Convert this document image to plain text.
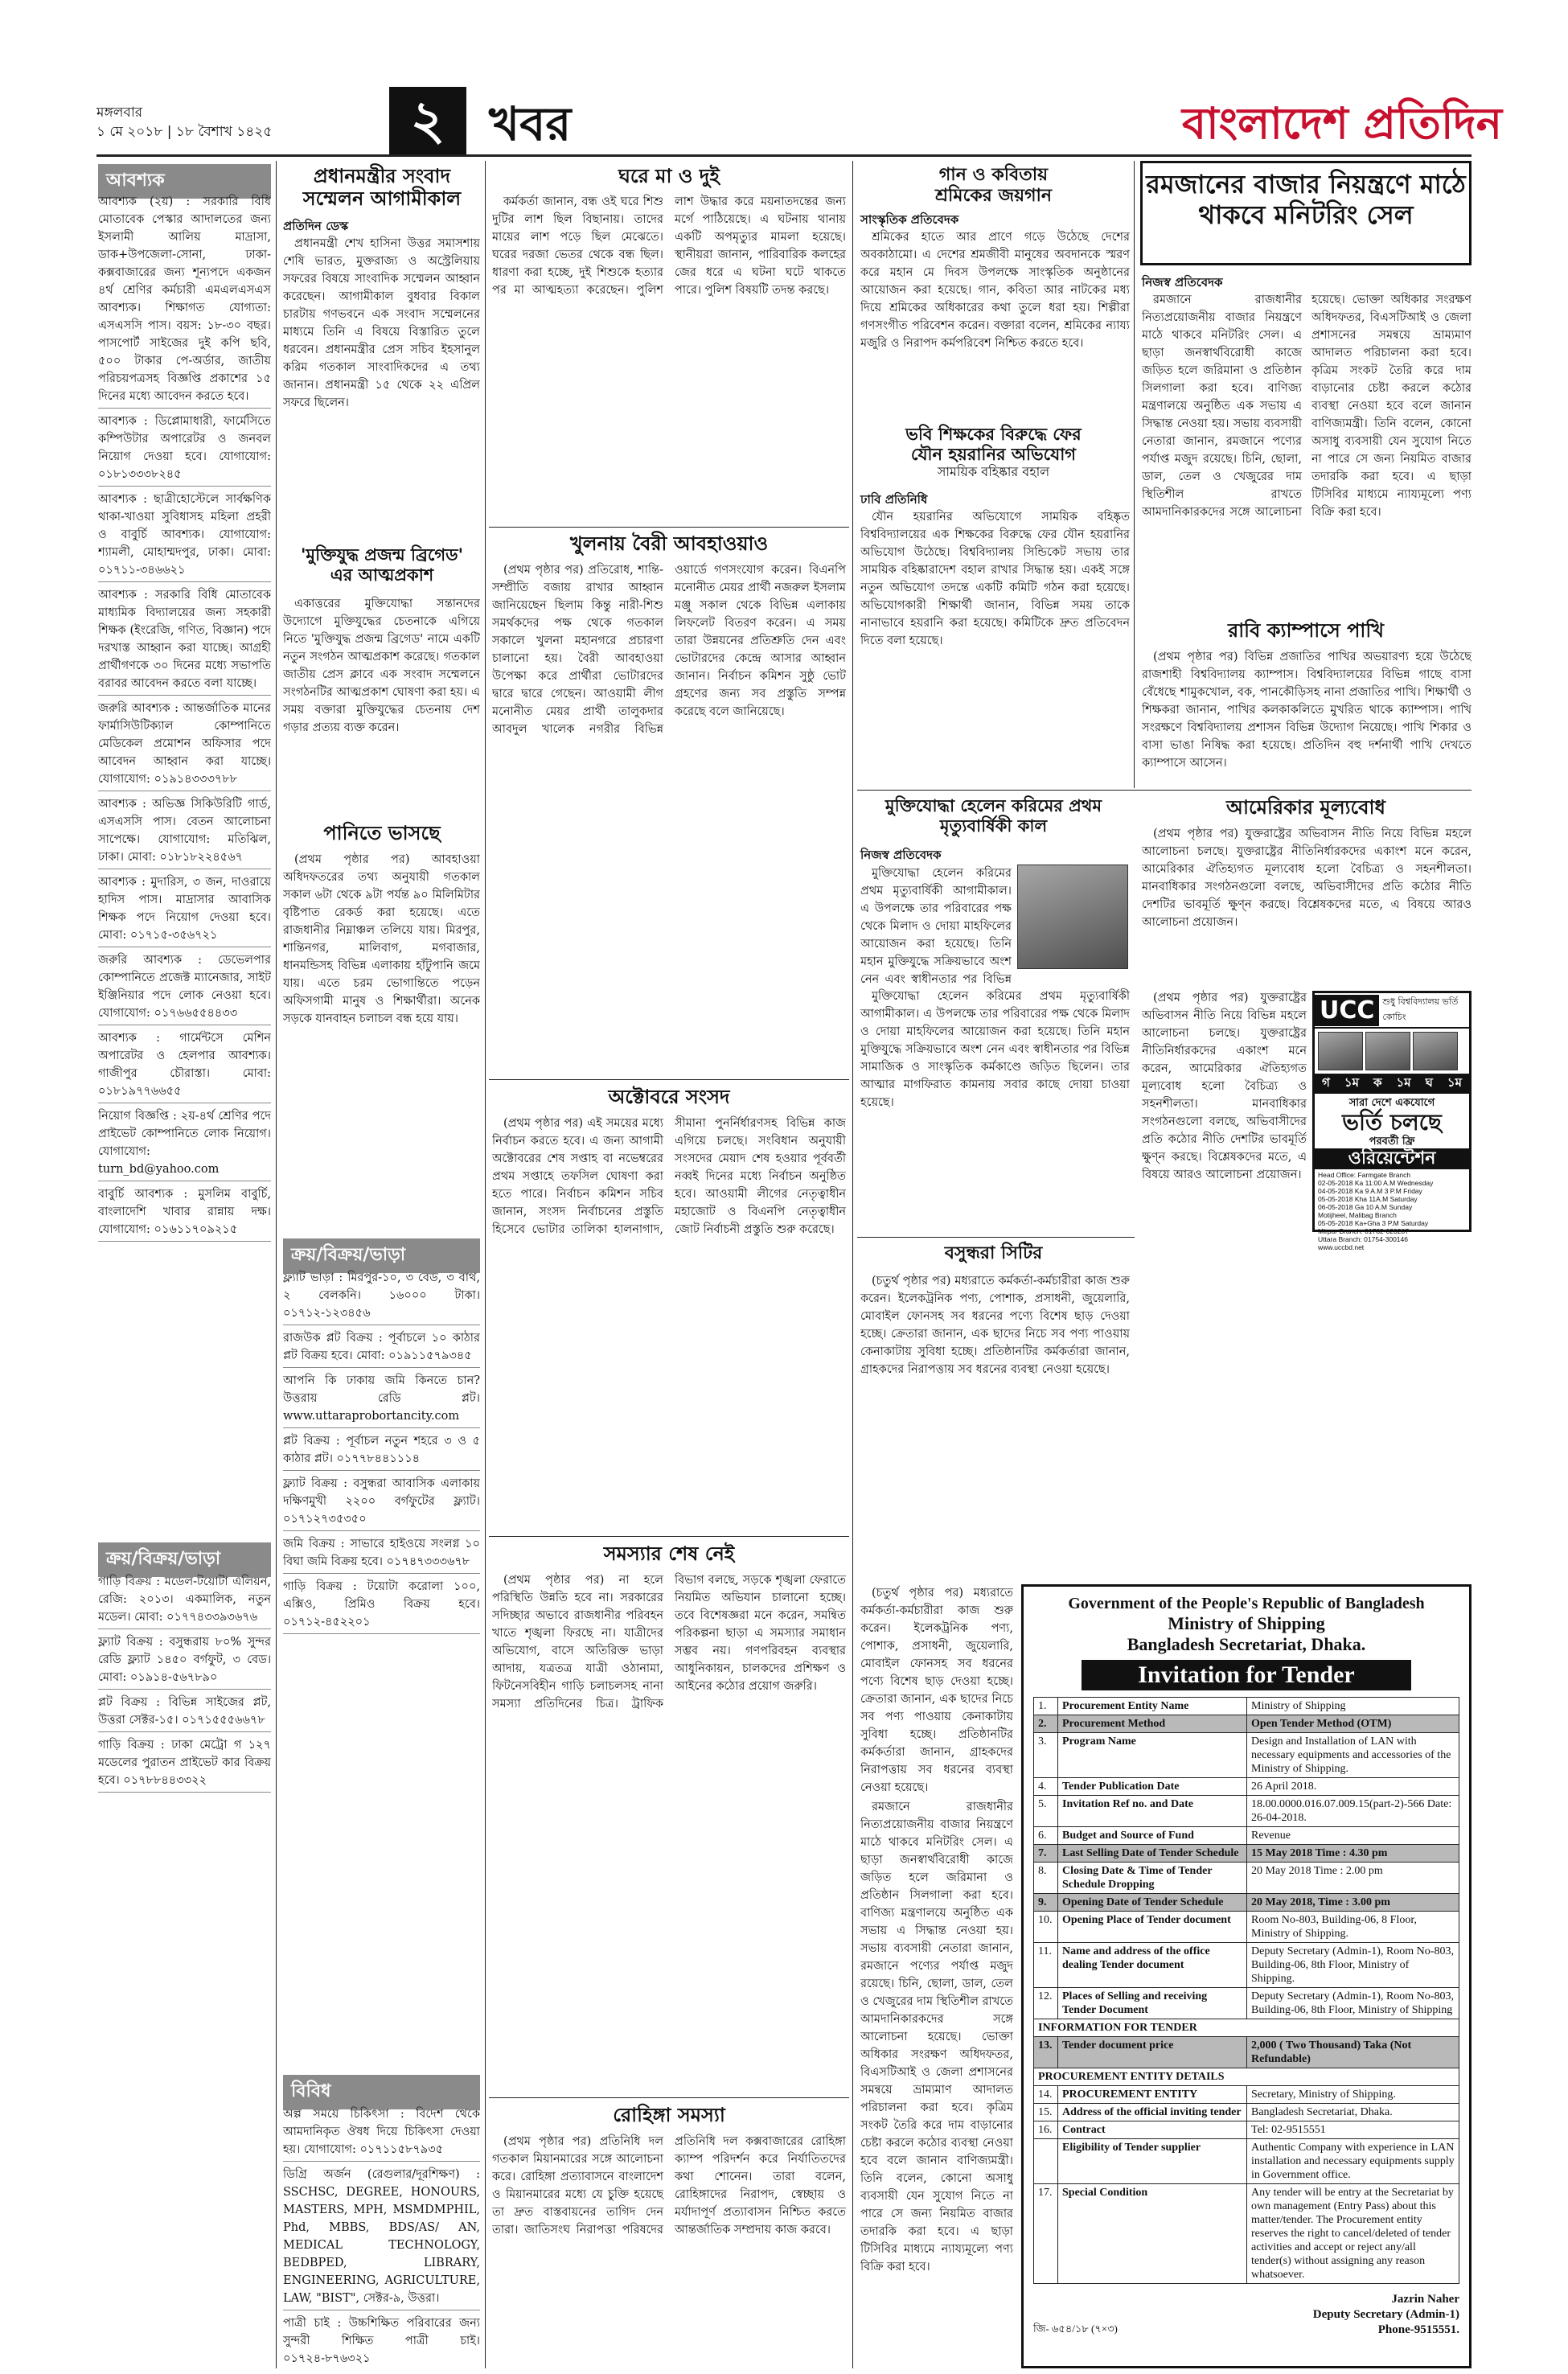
মঙ্গলবার
১ মে ২০১৮ | ১৮ বৈশাখ ১৪২৫	২ খবর	বাংলাদেশ প্রতিদিন
আবশ্যক

আবশ্যক (২য়) : সরকারি বিধি মোতাবেক পেস্কার আদালতের জন্য ইসলামী আলিয় মাদ্রাসা, ডাক+উপজেলা-সোনা, ঢাকা-কক্সবাজারের জন্য শূন্যপদে একজন ৪র্থ শ্রেণির কর্মচারী এমএলএসএস আবশ্যক। শিক্ষাগত যোগ্যতা: এসএসসি পাস। বয়স: ১৮-৩০ বছর। পাসপোর্ট সাইজের দুই কপি ছবি, ৫০০ টাকার পে-অর্ডার, জাতীয় পরিচয়পত্রসহ বিজ্ঞপ্তি প্রকাশের ১৫ দিনের মধ্যে আবেদন করতে হবে।

আবশ্যক : ডিপ্লোমাধারী, ফার্মেসিতে কম্পিউটার অপারেটর ও জনবল নিয়োগ দেওয়া হবে। যোগাযোগ: ০১৮১৩৩৩৮২৪৫

আবশ্যক : ছাত্রীহোস্টেলে সার্বক্ষণিক থাকা-খাওয়া সুবিধাসহ মহিলা প্রহরী ও বাবুর্চি আবশ্যক। যোগাযোগ: শ্যামলী, মোহাম্মদপুর, ঢাকা। মোবা: ০১৭১১-৩৪৬৬২১

আবশ্যক : সরকারি বিধি মোতাবেক মাধ্যমিক বিদ্যালয়ের জন্য সহকারী শিক্ষক (ইংরেজি, গণিত, বিজ্ঞান) পদে দরখাস্ত আহ্বান করা যাচ্ছে। আগ্রহী প্রার্থীগণকে ৩০ দিনের মধ্যে সভাপতি বরাবর আবেদন করতে বলা যাচ্ছে।

জরুরি আবশ্যক : আন্তর্জাতিক মানের ফার্মাসিউটিক্যাল কোম্পানিতে মেডিকেল প্রমোশন অফিসার পদে আবেদন আহ্বান করা যাচ্ছে। যোগাযোগ: ০১৯১৪৩৩৩৭৮৮

আবশ্যক : অভিজ্ঞ সিকিউরিটি গার্ড, এসএসসি পাস। বেতন আলোচনা সাপেক্ষে। যোগাযোগ: মতিঝিল, ঢাকা। মোবা: ০১৮১৮২২৪৫৬৭

আবশ্যক : মুদারিস, ৩ জন, দাওরায়ে হাদিস পাস। মাদ্রাসার আবাসিক শিক্ষক পদে নিয়োগ দেওয়া হবে। মোবা: ০১৭১৫-৩৫৬৭২১

জরুরি আবশ্যক : ডেভেলপার কোম্পানিতে প্রজেক্ট ম্যানেজার, সাইট ইঞ্জিনিয়ার পদে লোক নেওয়া হবে। যোগাযোগ: ০১৭৬৬৫৫৪৪৩৩

আবশ্যক : গার্মেন্টসে মেশিন অপারেটর ও হেলপার আবশ্যক। গাজীপুর চৌরাস্তা। মোবা: ০১৮১৯৭৭৬৬৫৫

নিয়োগ বিজ্ঞপ্তি : ২য়-৪র্থ শ্রেণির পদে প্রাইভেট কোম্পানিতে লোক নিয়োগ। যোগাযোগ: turn_bd@yahoo.com

বাবুর্চি আবশ্যক : মুসলিম বাবুর্চি, বাংলাদেশি খাবার রান্নায় দক্ষ। যোগাযোগ: ০১৬১১৭০৯২১৫

ক্রয়/বিক্রয়/ভাড়া

গাড়ি বিক্রয় : মডেল-টয়োটা এলিয়ন, রেজি: ২০১৩। একমালিক, নতুন মডেল। মোবা: ০১৭৭৪৩৩৯৩৬৭৬

ফ্ল্যাট বিক্রয় : বসুন্ধরায় ৮০% সুন্দর রেডি ফ্ল্যাট ১৪৫০ বর্গফুট, ৩ বেড। মোবা: ০১৯১৪-৫৬৭৮৯০

প্লট বিক্রয় : বিভিন্ন সাইজের প্লট, উত্তরা সেক্টর-১৫। ০১৭১৫৫৫৬৬৭৮

গাড়ি বিক্রয় : ঢাকা মেট্রো গ ১২৭ মডেলের পুরাতন প্রাইভেট কার বিক্রয় হবে। ০১৭৮৮৪৪৩৩২২

প্রধানমন্ত্রীর সংবাদ
সম্মেলন আগামীকাল
প্রতিদিন ডেস্ক

প্রধানমন্ত্রী শেখ হাসিনা উত্তর সমাসশায় শেষি ভারত, মুক্তরাজ্য ও অস্ট্রেলিয়ায় সফরের বিষয়ে সাংবাদিক সম্মেলন আহ্বান করেছেন। আগামীকাল বুধবার বিকাল চারটায় গণভবনে এক সংবাদ সম্মেলনের মাধ্যমে তিনি এ বিষয়ে বিস্তারিত তুলে ধরবেন। প্রধানমন্ত্রীর প্রেস সচিব ইহসানুল করিম গতকাল সাংবাদিকদের এ তথ্য জানান। প্রধানমন্ত্রী ১৫ থেকে ২২ এপ্রিল সফরে ছিলেন।

'মুক্তিযুদ্ধ প্রজন্ম ব্রিগেড'
এর আত্মপ্রকাশ

একাত্তরের মুক্তিযোদ্ধা সন্তানদের উদ্যোগে মুক্তিযুদ্ধের চেতনাকে এগিয়ে নিতে 'মুক্তিযুদ্ধ প্রজন্ম ব্রিগেড' নামে একটি নতুন সংগঠন আত্মপ্রকাশ করেছে। গতকাল জাতীয় প্রেস ক্লাবে এক সংবাদ সম্মেলনে সংগঠনটির আত্মপ্রকাশ ঘোষণা করা হয়। এ সময় বক্তারা মুক্তিযুদ্ধের চেতনায় দেশ গড়ার প্রত্যয় ব্যক্ত করেন।

পানিতে ভাসছে

(প্রথম পৃষ্ঠার পর) আবহাওয়া অধিদফতরের তথ্য অনুযায়ী গতকাল সকাল ৬টা থেকে ৯টা পর্যন্ত ৯০ মিলিমিটার বৃষ্টিপাত রেকর্ড করা হয়েছে। এতে রাজধানীর নিম্নাঞ্চল তলিয়ে যায়। মিরপুর, শান্তিনগর, মালিবাগ, মগবাজার, ধানমন্ডিসহ বিভিন্ন এলাকায় হাঁটুপানি জমে যায়। এতে চরম ভোগান্তিতে পড়েন অফিসগামী মানুষ ও শিক্ষার্থীরা। অনেক সড়কে যানবাহন চলাচল বন্ধ হয়ে যায়।

ক্রয়/বিক্রয়/ভাড়া

ফ্ল্যাট ভাড়া : মিরপুর-১০, ৩ বেড, ৩ বাথ, ২ বেলকনি। ১৬০০০ টাকা। ০১৭১২-১২৩৪৫৬

রাজউক প্লট বিক্রয় : পূর্বাচলে ১০ কাঠার প্লট বিক্রয় হবে। মোবা: ০১৯১১৫৭৯৩৪৫

আপনি কি ঢাকায় জমি কিনতে চান? উত্তরায় রেডি প্লট। www.uttaraprobortancity.com

প্লট বিক্রয় : পূর্বাচল নতুন শহরে ৩ ও ৫ কাঠার প্লট। ০১৭৭৮৪৪১১১৪

ফ্ল্যাট বিক্রয় : বসুন্ধরা আবাসিক এলাকায় দক্ষিণমুখী ২২০০ বর্গফুটের ফ্ল্যাট। ০১৭১২৭৩৫৩৫০

জমি বিক্রয় : সাভারে হাইওয়ে সংলগ্ন ১০ বিঘা জমি বিক্রয় হবে। ০১৭৪৭৩৩৩৬৭৮

গাড়ি বিক্রয় : টয়োটা করোলা ১০০, এক্সিও, প্রিমিও বিক্রয় হবে। ০১৭১২-৪৫২২০১

বিবিধ

অল্প সময়ে চিকিৎসা : বিদেশ থেকে আমদানিকৃত ঔষধ দিয়ে চিকিৎসা দেওয়া হয়। যোগাযোগ: ০১৭১১৫৮৭৯৩৫

ডিগ্রি অর্জন (রেগুলার/দূরশিক্ষণ) : SSCHSC, DEGREE, HONOURS, MASTERS, MPH, MSMDMPHIL, Phd, MBBS, BDS/AS/ AN, MEDICAL TECHNOLOGY, BEDBPED, LIBRARY, ENGINEERING, AGRICULTURE, LAW, "BIST", সেক্টর-৯, উত্তরা।

পাত্রী চাই : উচ্চশিক্ষিত পরিবারের জন্য সুন্দরী শিক্ষিত পাত্রী চাই। ০১৭২৪-৮৭৬৩২১

ঘরে মা ও দুই

কর্মকর্তা জানান, বন্ধ ওই ঘরে শিশু দুটির লাশ ছিল বিছানায়। তাদের মায়ের লাশ পড়ে ছিল মেঝেতে। ঘরের দরজা ভেতর থেকে বন্ধ ছিল। ধারণা করা হচ্ছে, দুই শিশুকে হত্যার পর মা আত্মহত্যা করেছেন। পুলিশ লাশ উদ্ধার করে ময়নাতদন্তের জন্য মর্গে পাঠিয়েছে। এ ঘটনায় থানায় একটি অপমৃত্যুর মামলা হয়েছে। স্থানীয়রা জানান, পারিবারিক কলহের জের ধরে এ ঘটনা ঘটে থাকতে পারে। পুলিশ বিষয়টি তদন্ত করছে।

খুলনায় বৈরী আবহাওয়াও

(প্রথম পৃষ্ঠার পর) প্রতিরোধ, শান্তি-সম্প্রীতি বজায় রাখার আহ্বান জানিয়েছেন ছিলাম কিন্তু নারী-শিশু সমর্থকদের পক্ষ থেকে গতকাল সকালে খুলনা মহানগরে প্রচারণা চালানো হয়। বৈরী আবহাওয়া উপেক্ষা করে প্রার্থীরা ভোটারদের দ্বারে দ্বারে গেছেন। আওয়ামী লীগ মনোনীত মেয়র প্রার্থী তালুকদার আবদুল খালেক নগরীর বিভিন্ন ওয়ার্ডে গণসংযোগ করেন। বিএনপি মনোনীত মেয়র প্রার্থী নজরুল ইসলাম মঞ্জু সকাল থেকে বিভিন্ন এলাকায় লিফলেট বিতরণ করেন। এ সময় তারা উন্নয়নের প্রতিশ্রুতি দেন এবং ভোটারদের কেন্দ্রে আসার আহ্বান জানান। নির্বাচন কমিশন সুষ্ঠু ভোট গ্রহণের জন্য সব প্রস্তুতি সম্পন্ন করেছে বলে জানিয়েছে।

অক্টোবরে সংসদ

(প্রথম পৃষ্ঠার পর) এই সময়ের মধ্যে নির্বাচন করতে হবে। এ জন্য আগামী অক্টোবরের শেষ সপ্তাহ বা নভেম্বরের প্রথম সপ্তাহে তফসিল ঘোষণা করা হতে পারে। নির্বাচন কমিশন সচিব জানান, সংসদ নির্বাচনের প্রস্তুতি হিসেবে ভোটার তালিকা হালনাগাদ, সীমানা পুনর্নির্ধারণসহ বিভিন্ন কাজ এগিয়ে চলছে। সংবিধান অনুযায়ী সংসদের মেয়াদ শেষ হওয়ার পূর্ববর্তী নব্বই দিনের মধ্যে নির্বাচন অনুষ্ঠিত হবে। আওয়ামী লীগের নেতৃত্বাধীন মহাজোট ও বিএনপি নেতৃত্বাধীন জোট নির্বাচনী প্রস্তুতি শুরু করেছে।

সমস্যার শেষ নেই

(প্রথম পৃষ্ঠার পর) না হলে পরিস্থিতি উন্নতি হবে না। সরকারের সদিচ্ছার অভাবে রাজধানীর পরিবহন খাতে শৃঙ্খলা ফিরছে না। যাত্রীদের অভিযোগ, বাসে অতিরিক্ত ভাড়া আদায়, যত্রতত্র যাত্রী ওঠানামা, ফিটনেসবিহীন গাড়ি চলাচলসহ নানা সমস্যা প্রতিদিনের চিত্র। ট্রাফিক বিভাগ বলছে, সড়কে শৃঙ্খলা ফেরাতে নিয়মিত অভিযান চালানো হচ্ছে। তবে বিশেষজ্ঞরা মনে করেন, সমন্বিত পরিকল্পনা ছাড়া এ সমস্যার সমাধান সম্ভব নয়। গণপরিবহন ব্যবস্থার আধুনিকায়ন, চালকদের প্রশিক্ষণ ও আইনের কঠোর প্রয়োগ জরুরি।

রোহিঙ্গা সমস্যা

(প্রথম পৃষ্ঠার পর) প্রতিনিধি দল গতকাল মিয়ানমারের সঙ্গে আলোচনা করে। রোহিঙ্গা প্রত্যাবাসনে বাংলাদেশ ও মিয়ানমারের মধ্যে যে চুক্তি হয়েছে তা দ্রুত বাস্তবায়নের তাগিদ দেন তারা। জাতিসংঘ নিরাপত্তা পরিষদের প্রতিনিধি দল কক্সবাজারের রোহিঙ্গা ক্যাম্প পরিদর্শন করে নির্যাতিতদের কথা শোনেন। তারা বলেন, রোহিঙ্গাদের নিরাপদ, স্বেচ্ছায় ও মর্যাদাপূর্ণ প্রত্যাবাসন নিশ্চিত করতে আন্তর্জাতিক সম্প্রদায় কাজ করবে।

গান ও কবিতায়
শ্রমিকের জয়গান
সাংস্কৃতিক প্রতিবেদক

শ্রমিকের হাতে আর প্রাণে গড়ে উঠেছে দেশের অবকাঠামো। এ দেশের শ্রমজীবী মানুষের অবদানকে স্মরণ করে মহান মে দিবস উপলক্ষে সাংস্কৃতিক অনুষ্ঠানের আয়োজন করা হয়েছে। গান, কবিতা আর নাটকের মধ্য দিয়ে শ্রমিকের অধিকারের কথা তুলে ধরা হয়। শিল্পীরা গণসংগীত পরিবেশন করেন। বক্তারা বলেন, শ্রমিকের ন্যায্য মজুরি ও নিরাপদ কর্মপরিবেশ নিশ্চিত করতে হবে।

ভবি শিক্ষকের বিরুদ্ধে ফের
যৌন হয়রানির অভিযোগ
সাময়িক বহিষ্কার বহাল
ঢাবি প্রতিনিধি

যৌন হয়রানির অভিযোগে সাময়িক বহিষ্কৃত বিশ্ববিদ্যালয়ের এক শিক্ষকের বিরুদ্ধে ফের যৌন হয়রানির অভিযোগ উঠেছে। বিশ্ববিদ্যালয় সিন্ডিকেট সভায় তার সাময়িক বহিষ্কারাদেশ বহাল রাখার সিদ্ধান্ত হয়। একই সঙ্গে নতুন অভিযোগ তদন্তে একটি কমিটি গঠন করা হয়েছে। অভিযোগকারী শিক্ষার্থী জানান, বিভিন্ন সময় তাকে নানাভাবে হয়রানি করা হয়েছে। কমিটিকে দ্রুত প্রতিবেদন দিতে বলা হয়েছে।

মুক্তিযোদ্ধা হেলেন করিমের প্রথম মৃত্যুবার্ষিকী কাল
নিজস্ব প্রতিবেদক

মুক্তিযোদ্ধা হেলেন করিমের প্রথম মৃত্যুবার্ষিকী আগামীকাল। এ উপলক্ষে তার পরিবারের পক্ষ থেকে মিলাদ ও দোয়া মাহফিলের আয়োজন করা হয়েছে। তিনি মহান মুক্তিযুদ্ধে সক্রিয়ভাবে অংশ নেন এবং স্বাধীনতার পর বিভিন্ন

মুক্তিযোদ্ধা হেলেন করিমের প্রথম মৃত্যুবার্ষিকী আগামীকাল। এ উপলক্ষে তার পরিবারের পক্ষ থেকে মিলাদ ও দোয়া মাহফিলের আয়োজন করা হয়েছে। তিনি মহান মুক্তিযুদ্ধে সক্রিয়ভাবে অংশ নেন এবং স্বাধীনতার পর বিভিন্ন সামাজিক ও সাংস্কৃতিক কর্মকাণ্ডে জড়িত ছিলেন। তার আত্মার মাগফিরাত কামনায় সবার কাছে দোয়া চাওয়া হয়েছে।

বসুন্ধরা সিটির

(চতুর্থ পৃষ্ঠার পর) মধ্যরাতে কর্মকর্তা-কর্মচারীরা কাজ শুরু করেন। ইলেকট্রনিক পণ্য, পোশাক, প্রসাধনী, জুয়েলারি, মোবাইল ফোনসহ সব ধরনের পণ্যে বিশেষ ছাড় দেওয়া হচ্ছে। ক্রেতারা জানান, এক ছাদের নিচে সব পণ্য পাওয়ায় কেনাকাটায় সুবিধা হচ্ছে। প্রতিষ্ঠানটির কর্মকর্তারা জানান, গ্রাহকদের নিরাপত্তায় সব ধরনের ব্যবস্থা নেওয়া হয়েছে।

রমজানের বাজার নিয়ন্ত্রণে মাঠে
থাকবে মনিটরিং সেল
নিজস্ব প্রতিবেদক

রমজানে রাজধানীর নিত্যপ্রয়োজনীয় বাজার নিয়ন্ত্রণে মাঠে থাকবে মনিটরিং সেল। এ ছাড়া জনস্বার্থবিরোধী কাজে জড়িত হলে জরিমানা ও প্রতিষ্ঠান সিলগালা করা হবে। বাণিজ্য মন্ত্রণালয়ে অনুষ্ঠিত এক সভায় এ সিদ্ধান্ত নেওয়া হয়। সভায় ব্যবসায়ী নেতারা জানান, রমজানে পণ্যের পর্যাপ্ত মজুদ রয়েছে। চিনি, ছোলা, ডাল, তেল ও খেজুরের দাম স্থিতিশীল রাখতে আমদানিকারকদের সঙ্গে আলোচনা হয়েছে। ভোক্তা অধিকার সংরক্ষণ অধিদফতর, বিএসটিআই ও জেলা প্রশাসনের সমন্বয়ে ভ্রাম্যমাণ আদালত পরিচালনা করা হবে। কৃত্রিম সংকট তৈরি করে দাম বাড়ানোর চেষ্টা করলে কঠোর ব্যবস্থা নেওয়া হবে বলে জানান বাণিজ্যমন্ত্রী। তিনি বলেন, কোনো অসাধু ব্যবসায়ী যেন সুযোগ নিতে না পারে সে জন্য নিয়মিত বাজার তদারকি করা হবে। এ ছাড়া টিসিবির মাধ্যমে ন্যায্যমূল্যে পণ্য বিক্রি করা হবে।

রাবি ক্যাম্পাসে পাখি

(প্রথম পৃষ্ঠার পর) বিভিন্ন প্রজাতির পাখির অভয়ারণ্য হয়ে উঠেছে রাজশাহী বিশ্ববিদ্যালয় ক্যাম্পাস। বিশ্ববিদ্যালয়ের বিভিন্ন গাছে বাসা বেঁধেছে শামুকখোল, বক, পানকৌড়িসহ নানা প্রজাতির পাখি। শিক্ষার্থী ও শিক্ষকরা জানান, পাখির কলকাকলিতে মুখরিত থাকে ক্যাম্পাস। পাখি সংরক্ষণে বিশ্ববিদ্যালয় প্রশাসন বিভিন্ন উদ্যোগ নিয়েছে। পাখি শিকার ও বাসা ভাঙা নিষিদ্ধ করা হয়েছে। প্রতিদিন বহু দর্শনার্থী পাখি দেখতে ক্যাম্পাসে আসেন।

আমেরিকার মূল্যবোধ

(প্রথম পৃষ্ঠার পর) যুক্তরাষ্ট্রের অভিবাসন নীতি নিয়ে বিভিন্ন মহলে আলোচনা চলছে। যুক্তরাষ্ট্রের নীতিনির্ধারকদের একাংশ মনে করেন, আমেরিকার ঐতিহ্যগত মূল্যবোধ হলো বৈচিত্র্য ও সহনশীলতা। মানবাধিকার সংগঠনগুলো বলছে, অভিবাসীদের প্রতি কঠোর নীতি দেশটির ভাবমূর্তি ক্ষুণ্ন করছে। বিশ্লেষকদের মতে, এ বিষয়ে আরও আলোচনা প্রয়োজন।

(প্রথম পৃষ্ঠার পর) যুক্তরাষ্ট্রের অভিবাসন নীতি নিয়ে বিভিন্ন মহলে আলোচনা চলছে। যুক্তরাষ্ট্রের নীতিনির্ধারকদের একাংশ মনে করেন, আমেরিকার ঐতিহ্যগত মূল্যবোধ হলো বৈচিত্র্য ও সহনশীলতা। মানবাধিকার সংগঠনগুলো বলছে, অভিবাসীদের প্রতি কঠোর নীতি দেশটির ভাবমূর্তি ক্ষুণ্ন করছে। বিশ্লেষকদের মতে, এ বিষয়ে আরও আলোচনা প্রয়োজন।

UCC শুধু বিশ্ববিদ্যালয় ভর্তি কোচিং
গ ১ম ক ১ম ঘ ১ম
সারা দেশে একযোগে
ভর্তি চলছে
পরবর্তী ফ্রি
ওরিয়েন্টেশন
Head Office: Farmgate Branch
02-05-2018 Ka 11:00 A.M Wednesday
04-05-2018 Ka 9 A.M 3 P.M Friday
05-05-2018 Kha 11A.M Saturday
06-05-2018 Ga 10 A.M Sunday
Motijheel, Malibag Branch
05-05-2018 Ka+Gha 3 P.M Saturday
Mirpur Branch: 01782-020207
Uttara Branch: 01754-300146
www.uccbd.net
Government of the People's Republic of Bangladesh
Ministry of Shipping
Bangladesh Secretariat, Dhaka.
Invitation for Tender
1.	Procurement Entity Name	Ministry of Shipping
2.	Procurement Method	Open Tender Method (OTM)
3.	Program Name	Design and Installation of LAN with necessary equipments and accessories of the Ministry of Shipping.
4.	Tender Publication Date	26 April 2018.
5.	Invitation Ref no. and Date	18.00.0000.016.07.009.15(part-2)-566 Date: 26-04-2018.
6.	Budget and Source of Fund	Revenue
7.	Last Selling Date of Tender Schedule	15 May 2018 Time : 4.30 pm
8.	Closing Date & Time of Tender Schedule Dropping	20 May 2018 Time : 2.00 pm
9.	Opening Date of Tender Schedule	20 May 2018, Time : 3.00 pm
10.	Opening Place of Tender document	Room No-803, Building-06, 8 Floor, Ministry of Shipping.
11.	Name and address of the office dealing Tender document	Deputy Secretary (Admin-1), Room No-803, Building-06, 8th Floor, Ministry of Shipping.
12.	Places of Selling and receiving Tender Document	Deputy Secretary (Admin-1), Room No-803, Building-06, 8th Floor, Ministry of Shipping
INFORMATION FOR TENDER		
13.	Tender document price	2,000 ( Two Thousand) Taka (Not Refundable)
PROCUREMENT ENTITY DETAILS		
14.	PROCUREMENT ENTITY	Secretary, Ministry of Shipping.
15.	Address of the official inviting tender	Bangladesh Secretariat, Dhaka.
16.	Contract	Tel: 02-9515551
	Eligibility of Tender supplier	Authentic Company with experience in LAN installation and necessary equipments supply in Government office.
17.	Special Condition	Any tender will be entry at the Secretariat by own management (Entry Pass) about this matter/tender. The Procurement entity reserves the right to cancel/deleted of tender activities and accept or reject any/all tender(s) without assigning any reason whatsoever.
Jazrin Naher
Deputy Secretary (Admin-1)
Phone-9515551.
জি- ৬৫৪/১৮ (৭×৩)

(চতুর্থ পৃষ্ঠার পর) মধ্যরাতে কর্মকর্তা-কর্মচারীরা কাজ শুরু করেন। ইলেকট্রনিক পণ্য, পোশাক, প্রসাধনী, জুয়েলারি, মোবাইল ফোনসহ সব ধরনের পণ্যে বিশেষ ছাড় দেওয়া হচ্ছে। ক্রেতারা জানান, এক ছাদের নিচে সব পণ্য পাওয়ায় কেনাকাটায় সুবিধা হচ্ছে। প্রতিষ্ঠানটির কর্মকর্তারা জানান, গ্রাহকদের নিরাপত্তায় সব ধরনের ব্যবস্থা নেওয়া হয়েছে।

রমজানে রাজধানীর নিত্যপ্রয়োজনীয় বাজার নিয়ন্ত্রণে মাঠে থাকবে মনিটরিং সেল। এ ছাড়া জনস্বার্থবিরোধী কাজে জড়িত হলে জরিমানা ও প্রতিষ্ঠান সিলগালা করা হবে। বাণিজ্য মন্ত্রণালয়ে অনুষ্ঠিত এক সভায় এ সিদ্ধান্ত নেওয়া হয়। সভায় ব্যবসায়ী নেতারা জানান, রমজানে পণ্যের পর্যাপ্ত মজুদ রয়েছে। চিনি, ছোলা, ডাল, তেল ও খেজুরের দাম স্থিতিশীল রাখতে আমদানিকারকদের সঙ্গে আলোচনা হয়েছে। ভোক্তা অধিকার সংরক্ষণ অধিদফতর, বিএসটিআই ও জেলা প্রশাসনের সমন্বয়ে ভ্রাম্যমাণ আদালত পরিচালনা করা হবে। কৃত্রিম সংকট তৈরি করে দাম বাড়ানোর চেষ্টা করলে কঠোর ব্যবস্থা নেওয়া হবে বলে জানান বাণিজ্যমন্ত্রী। তিনি বলেন, কোনো অসাধু ব্যবসায়ী যেন সুযোগ নিতে না পারে সে জন্য নিয়মিত বাজার তদারকি করা হবে। এ ছাড়া টিসিবির মাধ্যমে ন্যায্যমূল্যে পণ্য বিক্রি করা হবে।
